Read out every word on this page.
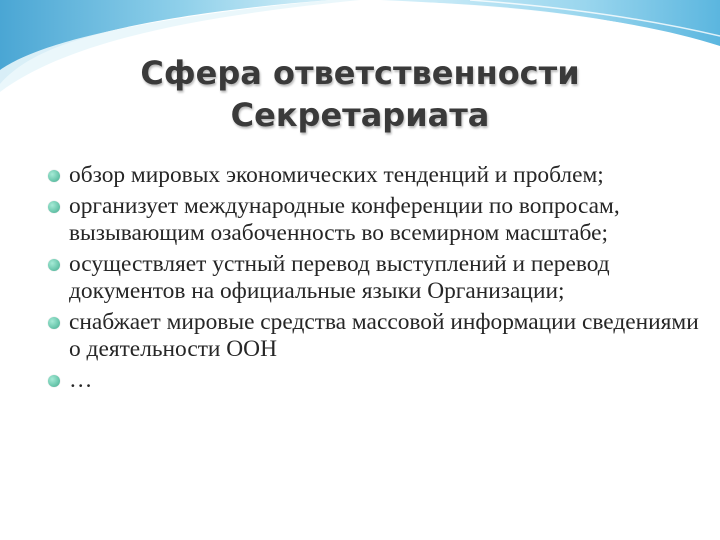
Сфера ответственности
Секретариата
обзор мировых экономических тенденций и проблем;
организует международные конференции по вопросам, вызывающим озабоченность во всемирном масштабе;
осуществляет устный перевод выступлений и перевод документов на официальные языки Организации;
снабжает мировые средства массовой информации сведениями о деятельности ООН
…
